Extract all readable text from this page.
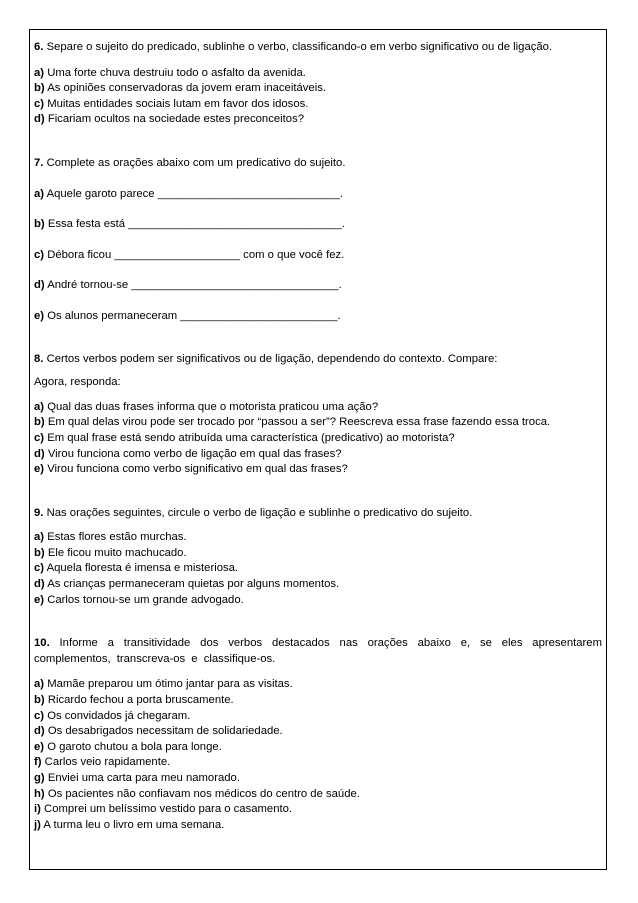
6. Separe o sujeito do predicado, sublinhe o verbo, classificando-o em verbo significativo ou de ligação.

a) Uma forte chuva destruiu todo o asfalto da avenida.

b) As opiniões conservadoras da jovem eram inaceitáveis.

c) Muitas entidades sociais lutam em favor dos idosos.

d) Ficariam ocultos na sociedade estes preconceitos?

7. Complete as orações abaixo com um predicativo do sujeito.

a) Aquele garoto parece _____________________________.

b) Essa festa está __________________________________.

c) Débora ficou ____________________ com o que você fez.

d) André tornou-se _________________________________.

e) Os alunos permaneceram _________________________.

8. Certos verbos podem ser significativos ou de ligação, dependendo do contexto. Compare:

Agora, responda:

a) Qual das duas frases informa que o motorista praticou uma ação?

b) Em qual delas virou pode ser trocado por “passou a ser”? Reescreva essa frase fazendo essa troca.

c) Em qual frase está sendo atribuída uma característica (predicativo) ao motorista?

d) Virou funciona como verbo de ligação em qual das frases?

e) Virou funciona como verbo significativo em qual das frases?

9. Nas orações seguintes, circule o verbo de ligação e sublinhe o predicativo do sujeito.

a) Estas flores estão murchas.

b) Ele ficou muito machucado.

c) Aquela floresta é imensa e misteriosa.

d) As crianças permaneceram quietas por alguns momentos.

e) Carlos tornou-se um grande advogado.

10. Informe a transitividade dos verbos destacados nas orações abaixo e, se eles apresentarem complementos, transcreva-os e classifique-os.

a) Mamãe preparou um ótimo jantar para as visitas.

b) Ricardo fechou a porta bruscamente.

c) Os convidados já chegaram.

d) Os desabrigados necessitam de solidariedade.

e) O garoto chutou a bola para longe.

f) Carlos veio rapidamente.

g) Enviei uma carta para meu namorado.

h) Os pacientes não confiavam nos médicos do centro de saúde.

i) Comprei um belíssimo vestido para o casamento.

j) A turma leu o livro em uma semana.
